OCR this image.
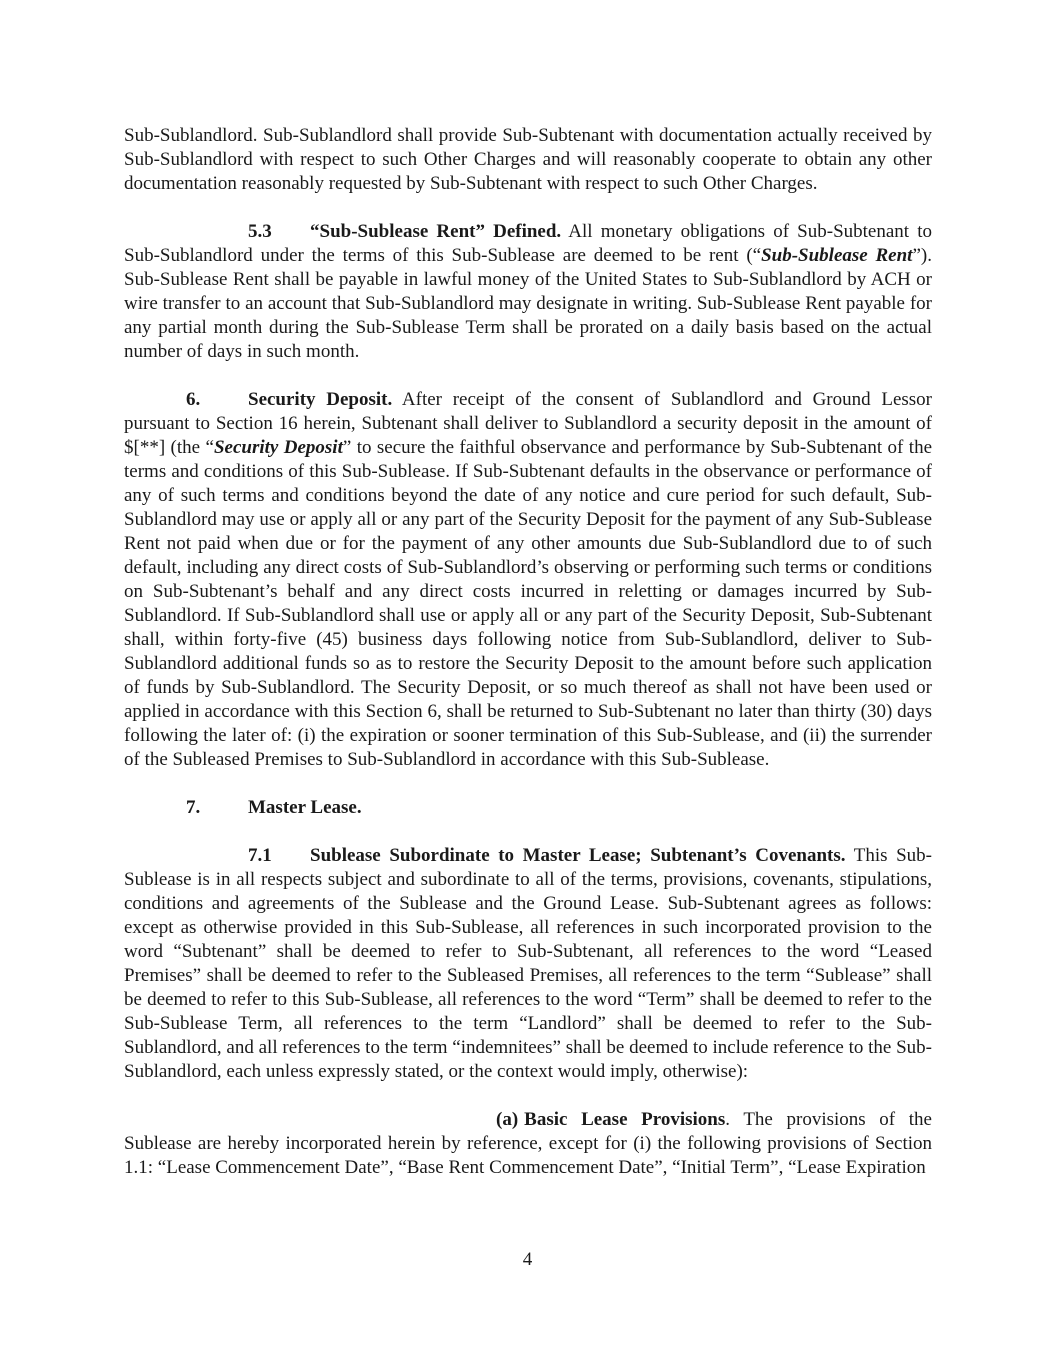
Sub-Sublandlord. Sub-Sublandlord shall provide Sub-Subtenant with documentation actually received by Sub-Sublandlord with respect to such Other Charges and will reasonably cooperate to obtain any other documentation reasonably requested by Sub-Subtenant with respect to such Other Charges.

5.3 “Sub-Sublease Rent” Defined. All monetary obligations of Sub-Subtenant to Sub-Sublandlord under the terms of this Sub-Sublease are deemed to be rent (“Sub-Sublease Rent”). Sub-Sublease Rent shall be payable in lawful money of the United States to Sub-Sublandlord by ACH or wire transfer to an account that Sub-Sublandlord may designate in writing. Sub-Sublease Rent payable for any partial month during the Sub-Sublease Term shall be prorated on a daily basis based on the actual number of days in such month.

6.	Security Deposit. After receipt of the consent of Sublandlord and Ground Lessor pursuant to Section 16 herein, Subtenant shall deliver to Sublandlord a security deposit in the amount of $[**] (the “Security Deposit” to secure the faithful observance and performance by Sub-Subtenant of the terms and conditions of this Sub-Sublease. If Sub-Subtenant defaults in the observance or performance of any of such terms and conditions beyond the date of any notice and cure period for such default, Sub-Sublandlord may use or apply all or any part of the Security Deposit for the payment of any Sub-Sublease Rent not paid when due or for the payment of any other amounts due Sub-Sublandlord due to of such default, including any direct costs of Sub-Sublandlord’s observing or performing such terms or conditions on Sub-Subtenant’s behalf and any direct costs incurred in reletting or damages incurred by Sub-Sublandlord. If Sub-Sublandlord shall use or apply all or any part of the Security Deposit, Sub-Subtenant shall, within forty-five (45) business days following notice from Sub-Sublandlord, deliver to Sub-Sublandlord additional funds so as to restore the Security Deposit to the amount before such application of funds by Sub-Sublandlord. The Security Deposit, or so much thereof as shall not have been used or applied in accordance with this Section 6, shall be returned to Sub-Subtenant no later than thirty (30) days following the later of: (i) the expiration or sooner termination of this Sub-Sublease, and (ii) the surrender of the Subleased Premises to Sub-Sublandlord in accordance with this Sub-Sublease.

7.	Master Lease.

7.1 Sublease Subordinate to Master Lease; Subtenant’s Covenants. This Sub-Sublease is in all respects subject and subordinate to all of the terms, provisions, covenants, stipulations, conditions and agreements of the Sublease and the Ground Lease. Sub-Subtenant agrees as follows: except as otherwise provided in this Sub-Sublease, all references in such incorporated provision to the word “Subtenant” shall be deemed to refer to Sub-Subtenant, all references to the word “Leased Premises” shall be deemed to refer to the Subleased Premises, all references to the term “Sublease” shall be deemed to refer to this Sub-Sublease, all references to the word “Term” shall be deemed to refer to the Sub-Sublease Term, all references to the term “Landlord” shall be deemed to refer to the Sub-Sublandlord, and all references to the term “indemnitees” shall be deemed to include reference to the Sub-Sublandlord, each unless expressly stated, or the context would imply, otherwise):

(a) Basic Lease Provisions. The provisions of the Sublease are hereby incorporated herein by reference, except for (i) the following provisions of Section 1.1: “Lease Commencement Date”, “Base Rent Commencement Date”, “Initial Term”, “Lease Expiration

4
